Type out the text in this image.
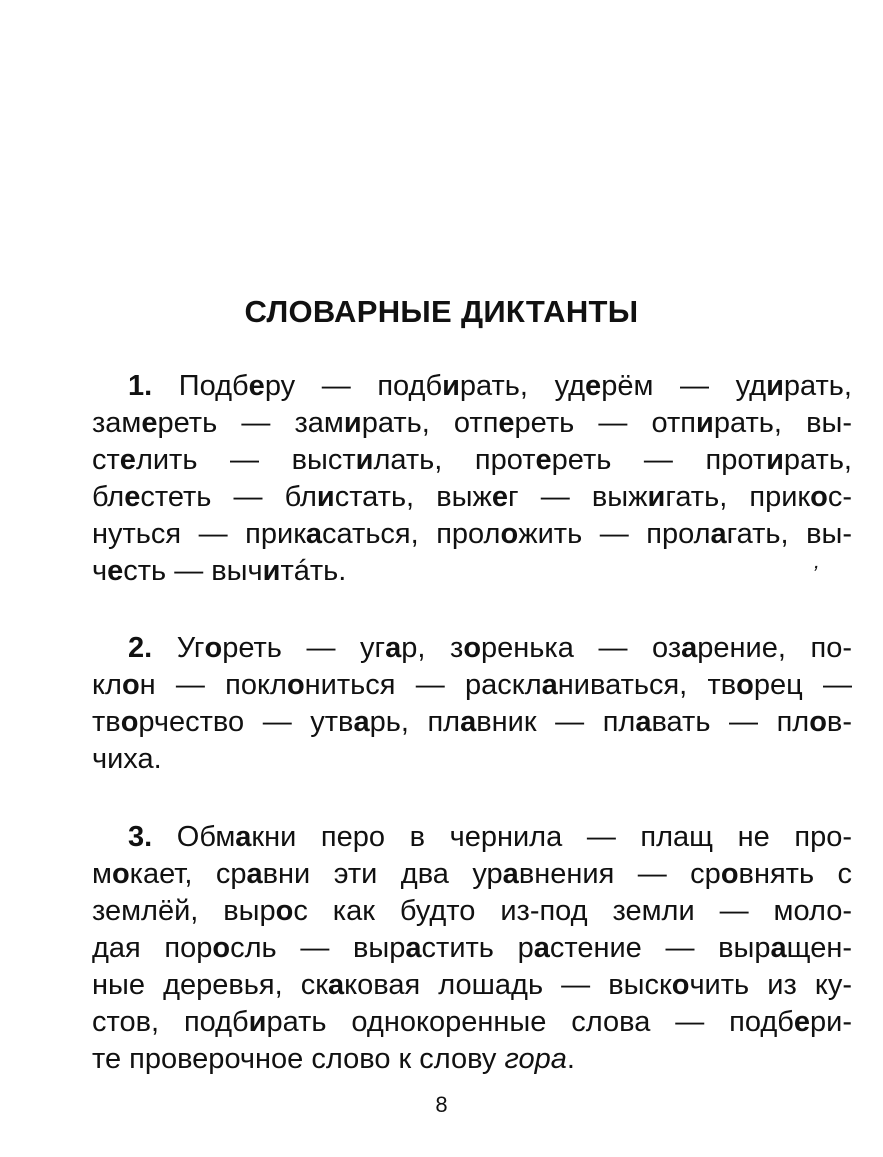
СЛОВАРНЫЕ ДИКТАНТЫ
1. Подберу — подбирать, удерём — удирать,
замереть — замирать, отпереть — отпирать, вы-
стелить — выстилать, протереть — протирать,
блестеть — блистать, выжег — выжигать, прикос-
нуться — прикасаться, проложить — пролагать, вы-
честь — вычитáть.	ʼ
2. Угореть — угар, зоренька — озарение, по-
клон — поклониться — раскланиваться, творец —
творчество — утварь, плавник — плавать — плов-
чиха.
3. Обмакни перо в чернила — плащ не про-
мокает, сравни эти два уравнения — сровнять с
землёй, вырос как будто из-под земли — моло-
дая поросль — вырастить растение — выращен-
ные деревья, скаковая лошадь — выскочить из ку-
стов, подбирать однокоренные слова — подбери-
те проверочное слово к слову гора.
8
